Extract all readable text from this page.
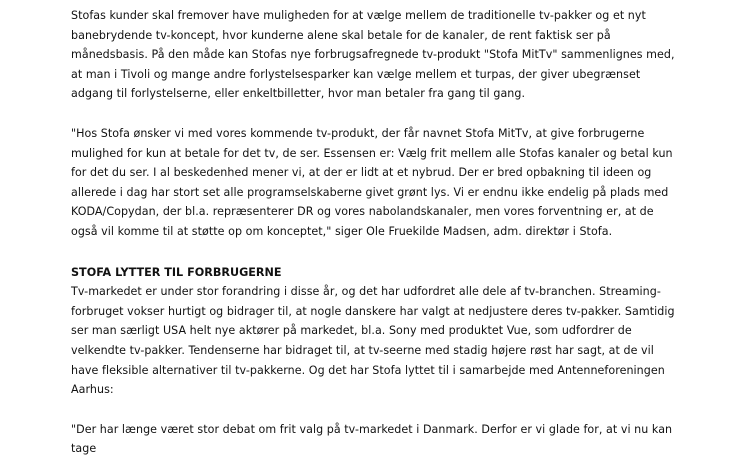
Stofas kunder skal fremover have muligheden for at vælge mellem de traditionelle tv-pakker og et nyt banebrydende tv-koncept, hvor kunderne alene skal betale for de kanaler, de rent faktisk ser på månedsbasis. På den måde kan Stofas nye forbrugsafregnede tv-produkt "Stofa MitTv" sammenlignes med, at man i Tivoli og mange andre forlystelsesparker kan vælge mellem et turpas, der giver ubegrænset adgang til forlystelserne, eller enkeltbilletter, hvor man betaler fra gang til gang.

"Hos Stofa ønsker vi med vores kommende tv-produkt, der får navnet Stofa MitTv, at give forbrugerne mulighed for kun at betale for det tv, de ser. Essensen er: Vælg frit mellem alle Stofas kanaler og betal kun for det du ser. I al beskedenhed mener vi, at der er lidt at et nybrud. Der er bred opbakning til ideen og allerede i dag har stort set alle programselskaberne givet grønt lys. Vi er endnu ikke endelig på plads med KODA/Copydan, der bl.a. repræsenterer DR og vores nabolandskanaler, men vores forventning er, at de også vil komme til at støtte op om konceptet," siger Ole Fruekilde Madsen, adm. direktør i Stofa.

STOFA LYTTER TIL FORBRUGERNE

Tv-markedet er under stor forandring i disse år, og det har udfordret alle dele af tv-branchen. Streaming-forbruget vokser hurtigt og bidrager til, at nogle danskere har valgt at nedjustere deres tv-pakker. Samtidig ser man særligt USA helt nye aktører på markedet, bl.a. Sony med produktet Vue, som udfordrer de velkendte tv-pakker. Tendenserne har bidraget til, at tv-seerne med stadig højere røst har sagt, at de vil have fleksible alternativer til tv-pakkerne. Og det har Stofa lyttet til i samarbejde med Antenneforeningen Aarhus:

"Der har længe været stor debat om frit valg på tv-markedet i Danmark. Derfor er vi glade for, at vi nu kan tage
